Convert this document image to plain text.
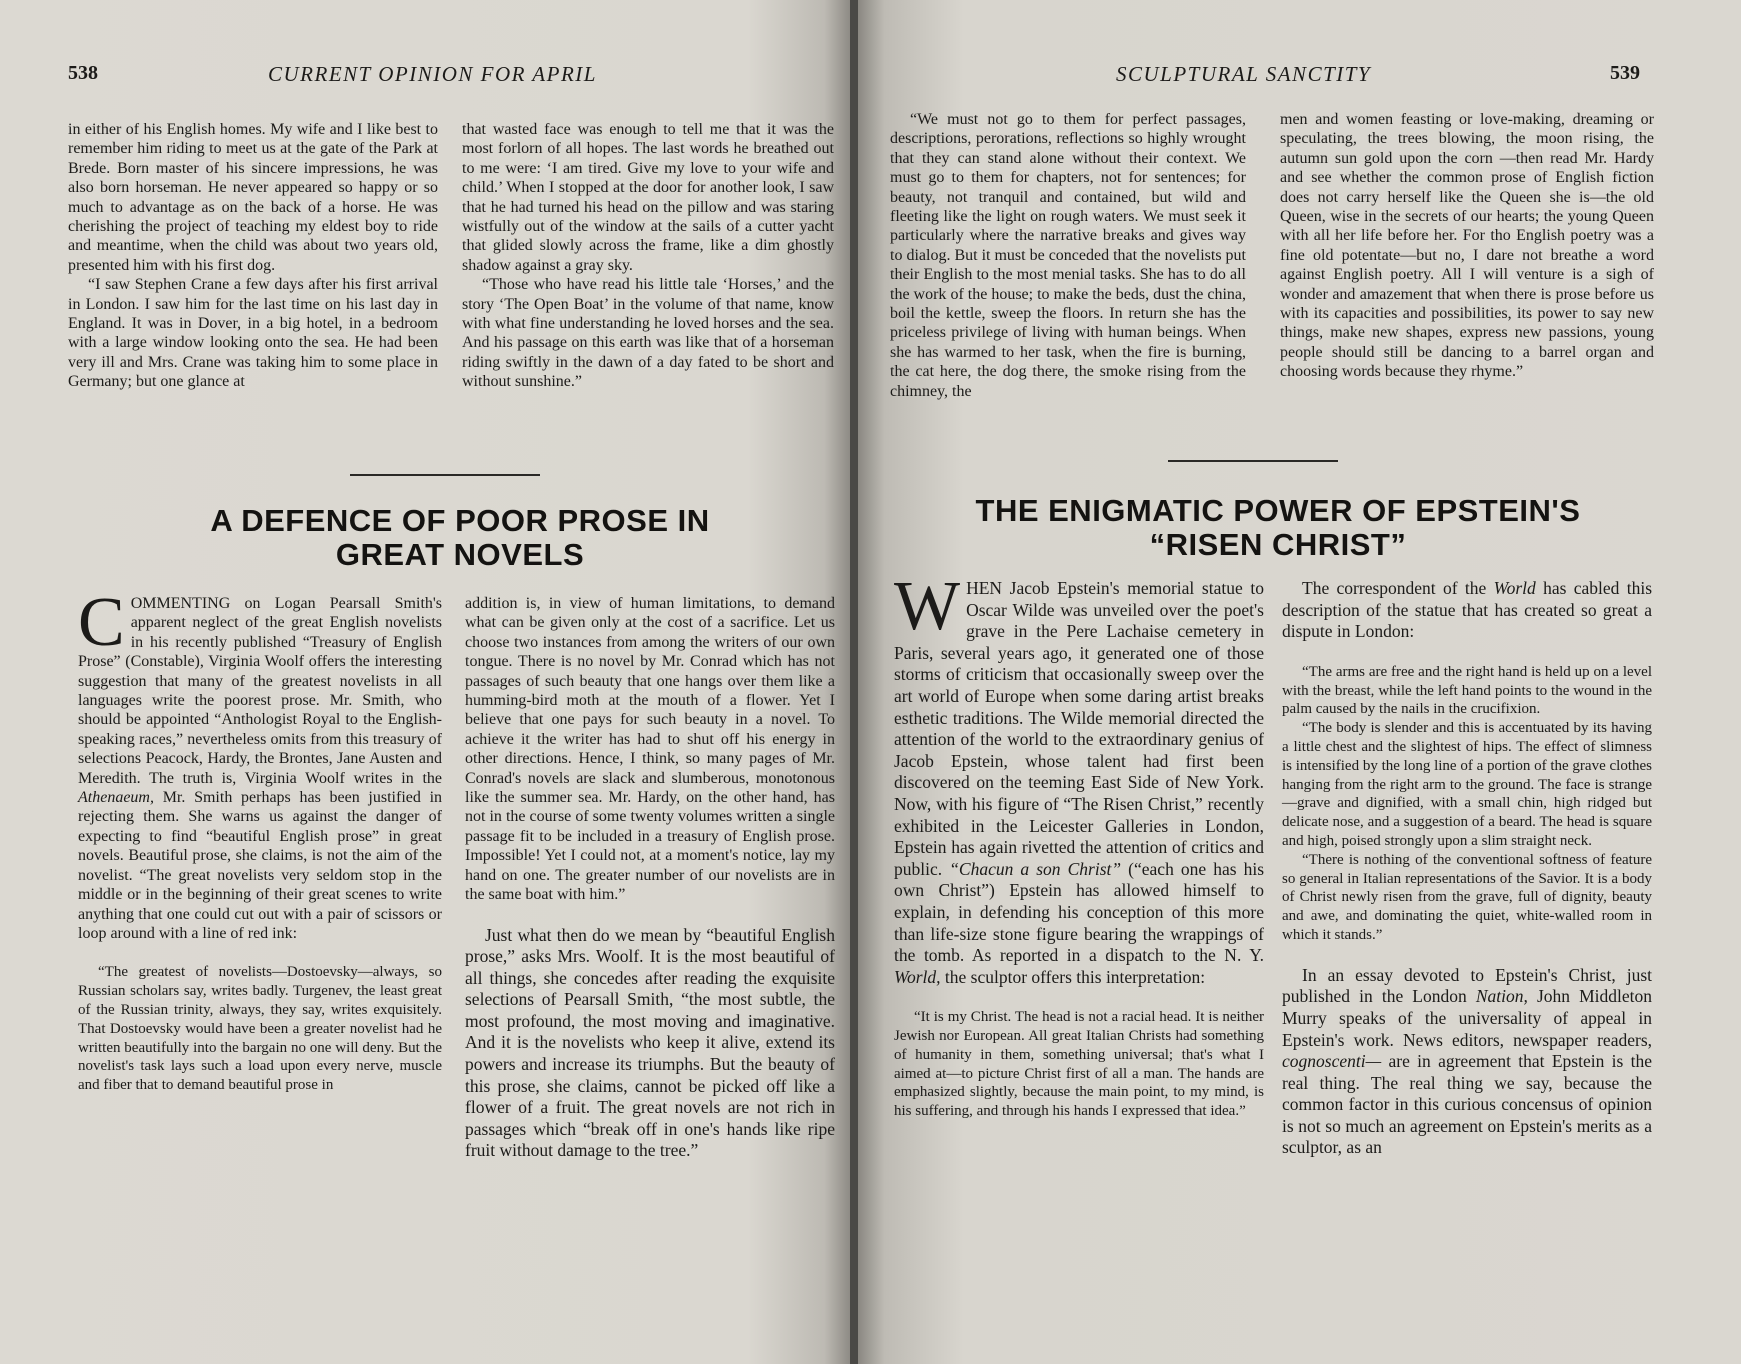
538	CURRENT OPINION FOR APRIL

in either of his English homes. My wife and I like best to remember him riding to meet us at the gate of the Park at Brede. Born master of his sincere impressions, he was also born horseman. He never appeared so happy or so much to advantage as on the back of a horse. He was cherishing the project of teaching my eldest boy to ride and meantime, when the child was about two years old, presented him with his first dog.

“I saw Stephen Crane a few days after his first arrival in London. I saw him for the last time on his last day in England. It was in Dover, in a big hotel, in a bedroom with a large window looking onto the sea. He had been very ill and Mrs. Crane was taking him to some place in Germany; but one glance at

that wasted face was enough to tell me that it was the most forlorn of all hopes. The last words he breathed out to me were: ‘I am tired. Give my love to your wife and child.’ When I stopped at the door for another look, I saw that he had turned his head on the pillow and was staring wistfully out of the window at the sails of a cutter yacht that glided slowly across the frame, like a dim ghostly shadow against a gray sky.

“Those who have read his little tale ‘Horses,’ and the story ‘The Open Boat’ in the volume of that name, know with what fine understanding he loved horses and the sea. And his passage on this earth was like that of a horseman riding swiftly in the dawn of a day fated to be short and without sunshine.”

A DEFENCE OF POOR PROSE IN
GREAT NOVELS

COMMENTING on Logan Pearsall Smith's apparent neglect of the great English novelists in his recently published “Treasury of English Prose” (Constable), Virginia Woolf offers the interesting suggestion that many of the greatest novelists in all languages write the poorest prose. Mr. Smith, who should be appointed “Anthologist Royal to the English-speaking races,” nevertheless omits from this treasury of selections Peacock, Hardy, the Brontes, Jane Austen and Meredith. The truth is, Virginia Woolf writes in the Athenaeum, Mr. Smith perhaps has been justified in rejecting them. She warns us against the danger of expecting to find “beautiful English prose” in great novels. Beautiful prose, she claims, is not the aim of the novelist. “The great novelists very seldom stop in the middle or in the beginning of their great scenes to write anything that one could cut out with a pair of scissors or loop around with a line of red ink:

“The greatest of novelists—Dostoevsky—always, so Russian scholars say, writes badly. Turgenev, the least great of the Russian trinity, always, they say, writes exquisitely. That Dostoevsky would have been a greater novelist had he written beautifully into the bargain no one will deny. But the novelist's task lays such a load upon every nerve, muscle and fiber that to demand beautiful prose in

addition is, in view of human limitations, to demand what can be given only at the cost of a sacrifice. Let us choose two instances from among the writers of our own tongue. There is no novel by Mr. Conrad which has not passages of such beauty that one hangs over them like a humming-bird moth at the mouth of a flower. Yet I believe that one pays for such beauty in a novel. To achieve it the writer has had to shut off his energy in other directions. Hence, I think, so many pages of Mr. Conrad's novels are slack and slumberous, monotonous like the summer sea. Mr. Hardy, on the other hand, has not in the course of some twenty volumes written a single passage fit to be included in a treasury of English prose. Impossible! Yet I could not, at a moment's notice, lay my hand on one. The greater number of our novelists are in the same boat with him.”

Just what then do we mean by “beautiful English prose,” asks Mrs. Woolf. It is the most beautiful of all things, she concedes after reading the exquisite selections of Pearsall Smith, “the most subtle, the most profound, the most moving and imaginative. And it is the novelists who keep it alive, extend its powers and increase its triumphs. But the beauty of this prose, she claims, cannot be picked off like a flower of a fruit. The great novels are not rich in passages which “break off in one's hands like ripe fruit without damage to the tree.”

SCULPTURAL SANCTITY	539

“We must not go to them for perfect passages, descriptions, perorations, reflections so highly wrought that they can stand alone without their context. We must go to them for chapters, not for sentences; for beauty, not tranquil and contained, but wild and fleeting like the light on rough waters. We must seek it particularly where the narrative breaks and gives way to dialog. But it must be conceded that the novelists put their English to the most menial tasks. She has to do all the work of the house; to make the beds, dust the china, boil the kettle, sweep the floors. In return she has the priceless privilege of living with human beings. When she has warmed to her task, when the fire is burning, the cat here, the dog there, the smoke rising from the chimney, the

men and women feasting or love-making, dreaming or speculating, the trees blowing, the moon rising, the autumn sun gold upon the corn —then read Mr. Hardy and see whether the common prose of English fiction does not carry herself like the Queen she is—the old Queen, wise in the secrets of our hearts; the young Queen with all her life before her. For tho English poetry was a fine old potentate—but no, I dare not breathe a word against English poetry. All I will venture is a sigh of wonder and amazement that when there is prose before us with its capacities and possibilities, its power to say new things, make new shapes, express new passions, young people should still be dancing to a barrel organ and choosing words because they rhyme.”

THE ENIGMATIC POWER OF EPSTEIN'S
“RISEN CHRIST”

WHEN Jacob Epstein's memorial statue to Oscar Wilde was unveiled over the poet's grave in the Pere Lachaise cemetery in Paris, several years ago, it generated one of those storms of criticism that occasionally sweep over the art world of Europe when some daring artist breaks esthetic traditions. The Wilde memorial directed the attention of the world to the extraordinary genius of Jacob Epstein, whose talent had first been discovered on the teeming East Side of New York. Now, with his figure of “The Risen Christ,” recently exhibited in the Leicester Galleries in London, Epstein has again rivetted the attention of critics and public. “Chacun a son Christ” (“each one has his own Christ”) Epstein has allowed himself to explain, in defending his conception of this more than life-size stone figure bearing the wrappings of the tomb. As reported in a dispatch to the N. Y. World, the sculptor offers this interpretation:

“It is my Christ. The head is not a racial head. It is neither Jewish nor European. All great Italian Christs had something of humanity in them, something universal; that's what I aimed at—to picture Christ first of all a man. The hands are emphasized slightly, because the main point, to my mind, is his suffering, and through his hands I expressed that idea.”

The correspondent of the World has cabled this description of the statue that has created so great a dispute in London:

“The arms are free and the right hand is held up on a level with the breast, while the left hand points to the wound in the palm caused by the nails in the crucifixion.

“The body is slender and this is accentuated by its having a little chest and the slightest of hips. The effect of slimness is intensified by the long line of a portion of the grave clothes hanging from the right arm to the ground. The face is strange—grave and dignified, with a small chin, high ridged but delicate nose, and a suggestion of a beard. The head is square and high, poised strongly upon a slim straight neck.

“There is nothing of the conventional softness of feature so general in Italian representations of the Savior. It is a body of Christ newly risen from the grave, full of dignity, beauty and awe, and dominating the quiet, white-walled room in which it stands.”

In an essay devoted to Epstein's Christ, just published in the London Nation, John Middleton Murry speaks of the universality of appeal in Epstein's work. News editors, newspaper readers, cognoscenti— are in agreement that Epstein is the real thing. The real thing we say, because the common factor in this curious concensus of opinion is not so much an agreement on Epstein's merits as a sculptor, as an
